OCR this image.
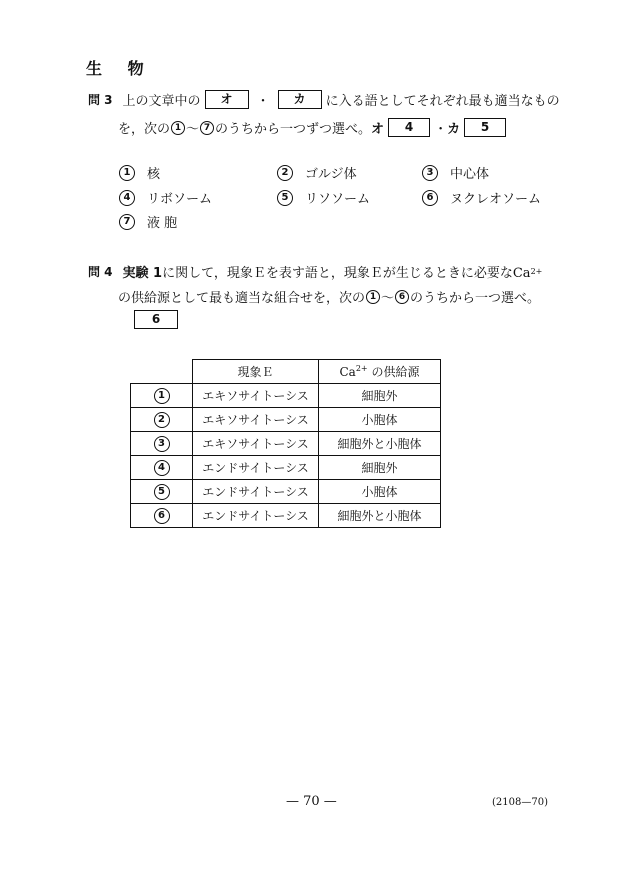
生 物
問 3 上の文章中の	オ	・	カ	に入る語としてそれぞれ最も適当なもの
を，次の 1 ～ 7 のうちから一つずつ選べ。 オ	4	・ カ	5
1	核	2	ゴルジ体	3	中心体
4	リボソーム	5	リソソーム	6	ヌクレオソーム
7	液 胞
問 4 実験 1 に関して，現象Ｅを表す語と，現象Ｅが生じるときに必要なCa 2+
の供給源として最も適当な組合せを，次の 1 ～ 6 のうちから一つ選べ。
6
	現象Ｅ	$Ca^{2+}$ の供給源
1	エキソサイトーシス	細胞外
2	エキソサイトーシス	小胞体
3	エキソサイトーシス	細胞外と小胞体
4	エンドサイトーシス	細胞外
5	エンドサイトーシス	小胞体
6	エンドサイトーシス	細胞外と小胞体
— 70 —	(2108—70)
